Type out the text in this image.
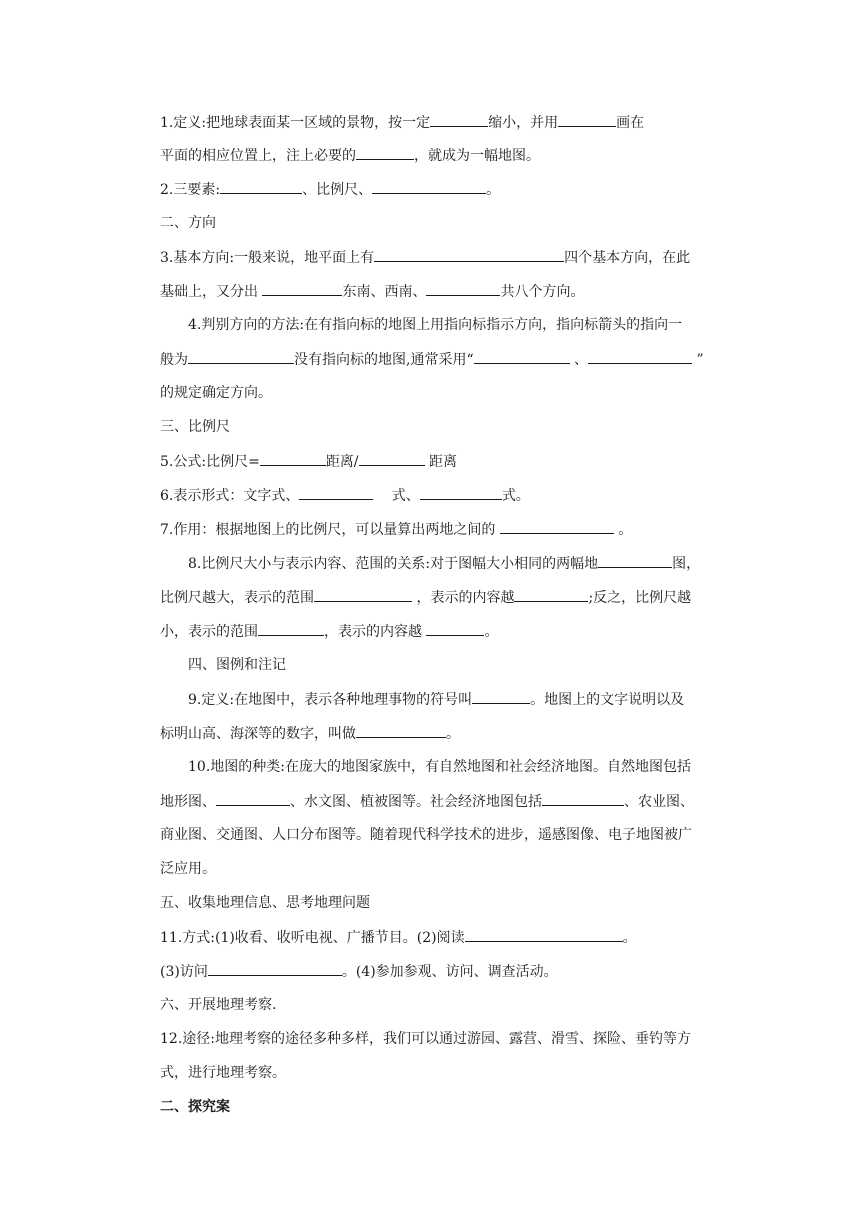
1.定义:把地球表面某一区域的景物，按一定	缩小，并用	画在
平面的相应位置上，注上必要的	，就成为一幅地图。
2.三要素:	、比例尺、	。
二、方向
3.基本方向:一般来说，地平面上有	四个基本方向，在此
基础上，又分出	东南、西南、	共八个方向。
4.判别方向的方法:在有指向标的地图上用指向标指示方向，指向标箭头的指向一
般为	没有指向标的地图,通常采用“	、	”
的规定确定方向。
三、比例尺
5.公式:比例尺=	距离/	距离
6.表示形式：文字式、	式、	式。
7.作用：根据地图上的比例尺，可以量算出两地之间的	。
8.比例尺大小与表示内容、范围的关系:对于图幅大小相同的两幅地	图，
比例尺越大，表示的范围	，表示的内容越	;反之，比例尺越
小，表示的范围	，表示的内容越	。
四、图例和注记
9.定义:在地图中，表示各种地理事物的符号叫	。地图上的文字说明以及
标明山高、海深等的数字，叫做	。
10.地图的种类:在庞大的地图家族中，有自然地图和社会经济地图。自然地图包括
地形图、	、水文图、植被图等。社会经济地图包括	、农业图、
商业图、交通图、人口分布图等。随着现代科学技术的进步，遥感图像、电子地图被广
泛应用。
五、收集地理信息、思考地理问题
11.方式:(1)收看、收听电视、广播节目。(2)阅读	。
(3)访问	。(4)参加参观、访问、调查活动。
六、开展地理考察.
12.途径:地理考察的途径多种多样，我们可以通过游园、露营、滑雪、探险、垂钓等方
式，进行地理考察。
二、探究案
